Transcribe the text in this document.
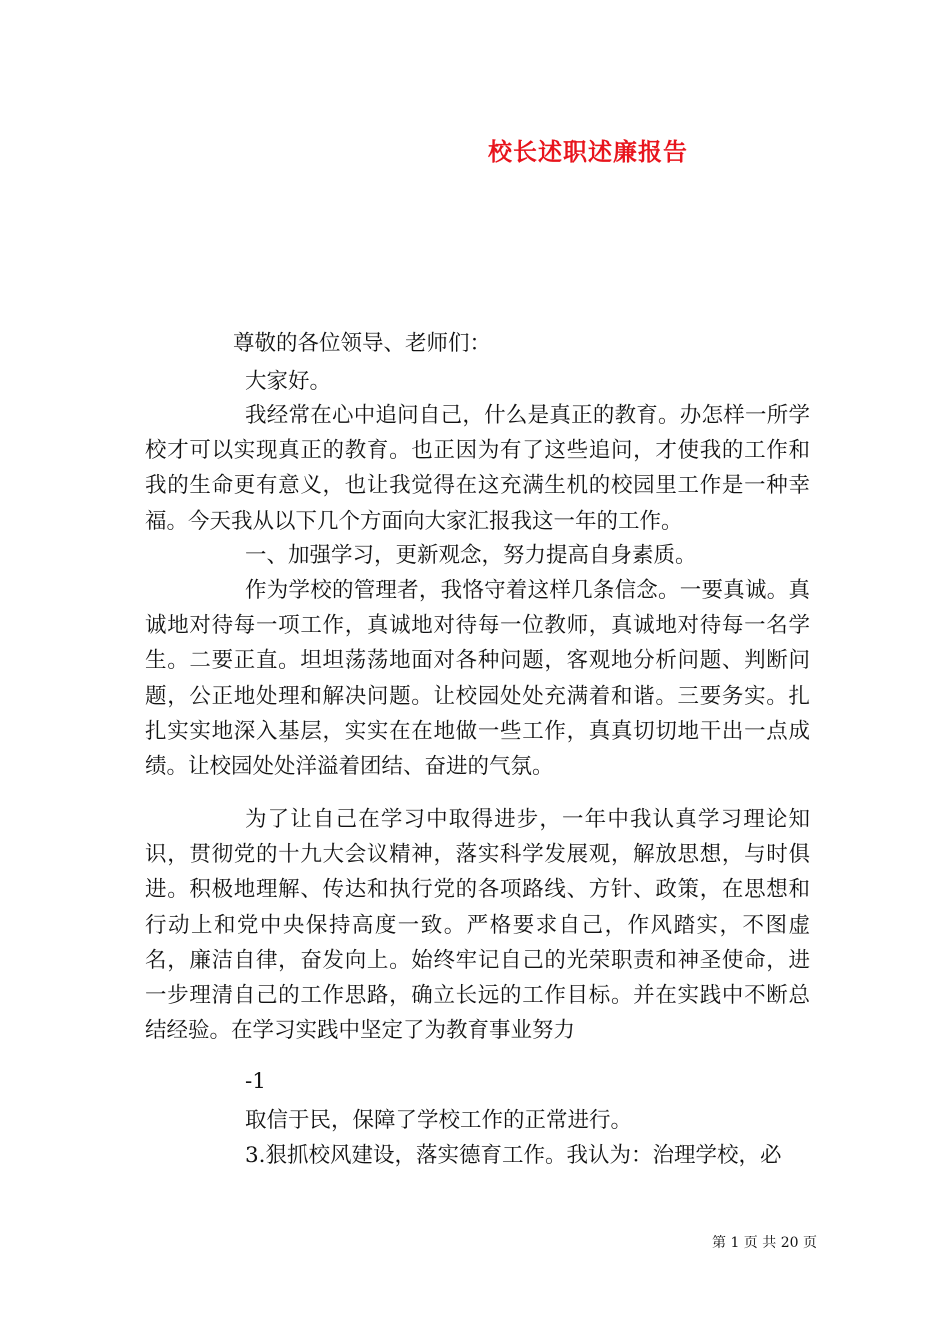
校长述职述廉报告
尊敬的各位领导、老师们：
大家好。

我经常在心中追问自己，什么是真正的教育。办怎样一所学校才可以实现真正的教育。也正因为有了这些追问，才使我的工作和我的生命更有意义，也让我觉得在这充满生机的校园里工作是一种幸福。今天我从以下几个方面向大家汇报我这一年的工作。

一、加强学习，更新观念，努力提高自身素质。

作为学校的管理者，我恪守着这样几条信念。一要真诚。真诚地对待每一项工作，真诚地对待每一位教师，真诚地对待每一名学生。二要正直。坦坦荡荡地面对各种问题，客观地分析问题、判断问题，公正地处理和解决问题。让校园处处充满着和谐。三要务实。扎扎实实地深入基层，实实在在地做一些工作，真真切切地干出一点成绩。让校园处处洋溢着团结、奋进的气氛。

为了让自己在学习中取得进步，一年中我认真学习理论知识，贯彻党的十九大会议精神，落实科学发展观，解放思想，与时俱进。积极地理解、传达和执行党的各项路线、方针、政策，在思想和行动上和党中央保持高度一致。严格要求自己，作风踏实，不图虚名，廉洁自律，奋发向上。始终牢记自己的光荣职责和神圣使命，进一步理清自己的工作思路，确立长远的工作目标。并在实践中不断总结经验。在学习实践中坚定了为教育事业努力

-1
取信于民，保障了学校工作的正常进行。
3.狠抓校风建设，落实德育工作。我认为：治理学校，必
第 1 页 共 20 页
